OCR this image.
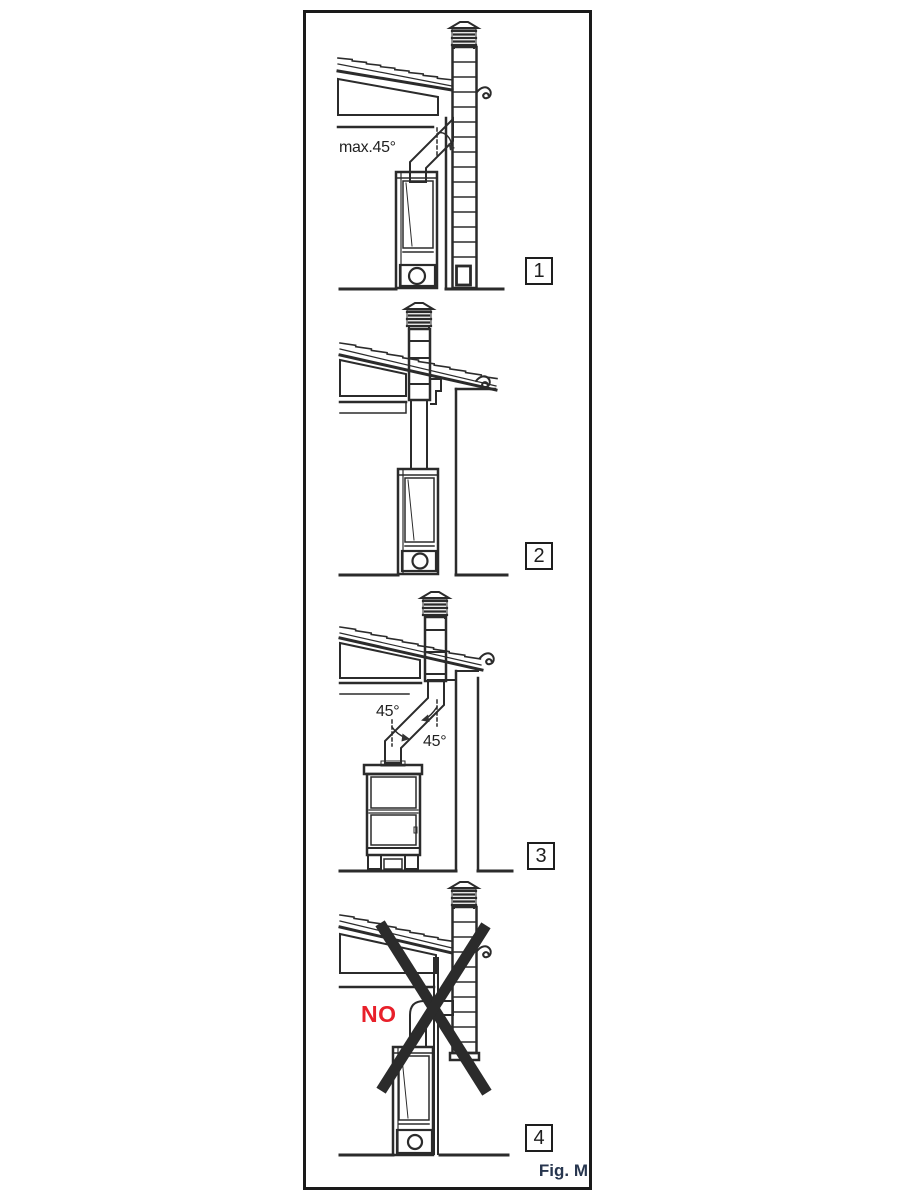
max.45°
45°
45°
NO
1
2
3
4
Fig. M
